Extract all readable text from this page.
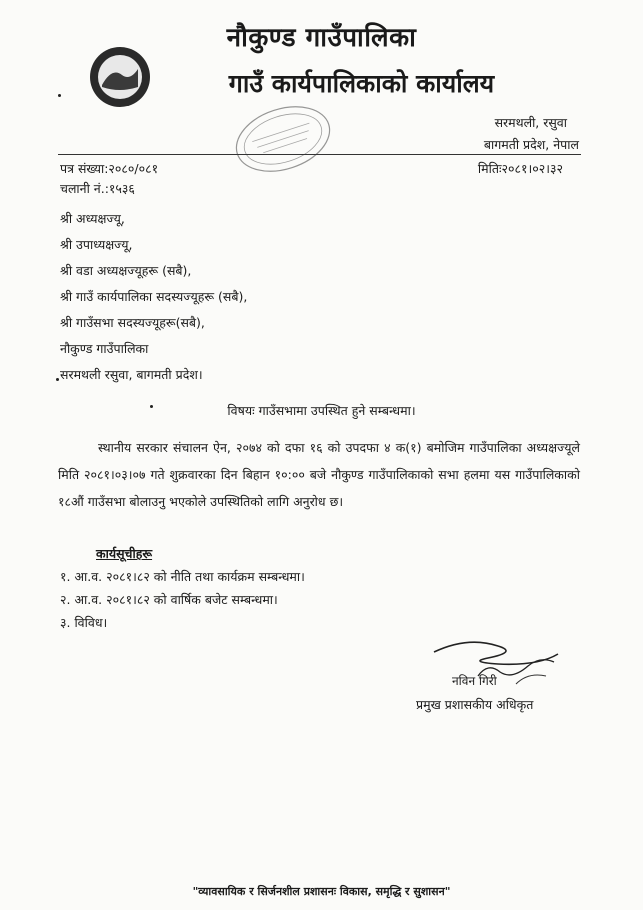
नौकुण्ड गाउँपालिका
गाउँ कार्यपालिकाको कार्यालय
सरमथली, रसुवा
बागमती प्रदेश, नेपाल
पत्र संख्या:२०८०/०८१
चलानी नं.:१५३६
मितिः२०८१।०२।३२
श्री अध्यक्षज्यू,
श्री उपाध्यक्षज्यू,
श्री वडा अध्यक्षज्यूहरू (सबै),
श्री गाउँ कार्यपालिका सदस्यज्यूहरू (सबै),
श्री गाउँसभा सदस्यज्यूहरू(सबै),
नौकुण्ड गाउँपालिका
सरमथली रसुवा, बागमती प्रदेश।
विषयः गाउँसभामा उपस्थित हुने सम्बन्धमा।

स्थानीय सरकार संचालन ऐन, २०७४ को दफा १६ को उपदफा ४ क(१) बमोजिम गाउँपालिका अध्यक्षज्यूले मिति २०८१।०३।०७ गते शुक्रवारका दिन बिहान १०:०० बजे नौकुण्ड गाउँपालिकाको सभा हलमा यस गाउँपालिकाको १८औं गाउँसभा बोलाउनु भएकोले उपस्थितिको लागि अनुरोध छ।

कार्यसूचीहरू
१. आ.व. २०८१।८२ को नीति तथा कार्यक्रम सम्बन्धमा।
२. आ.व. २०८१।८२ को वार्षिक बजेट सम्बन्धमा।
३. विविध।
नविन गिरी
प्रमुख प्रशासकीय अधिकृत
"व्यावसायिक र सिर्जनशील प्रशासनः विकास, समृद्धि र सुशासन"
